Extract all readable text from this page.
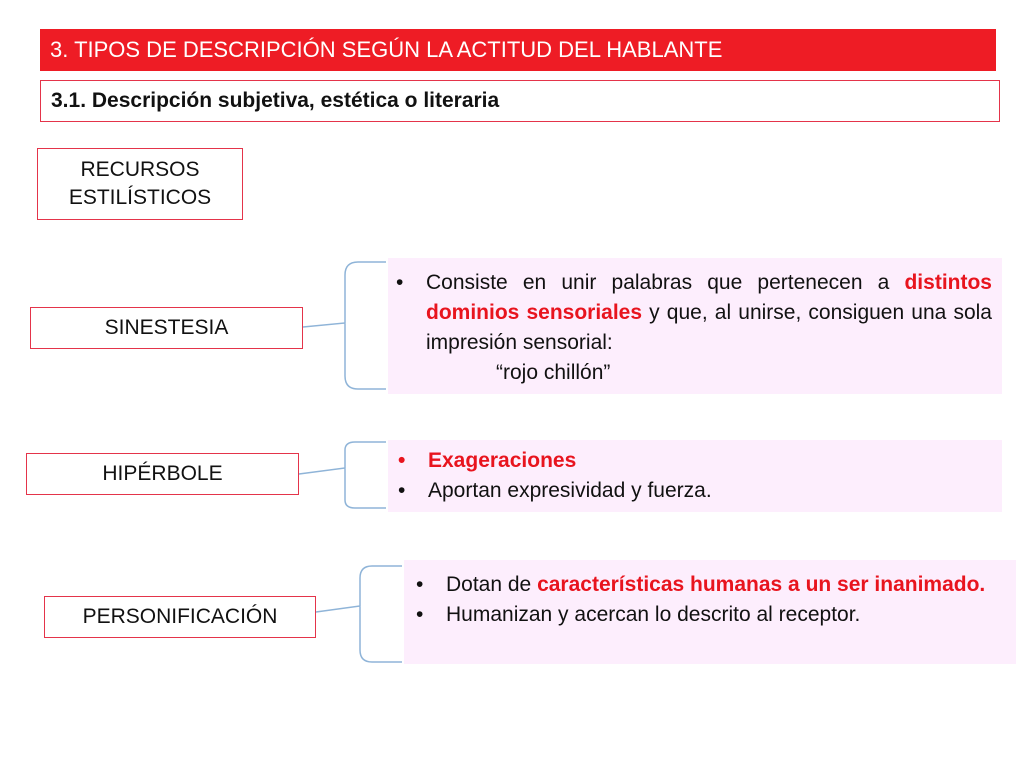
3. TIPOS DE DESCRIPCIÓN SEGÚN LA ACTITUD DEL HABLANTE
3.1. Descripción subjetiva, estética o literaria
RECURSOS
ESTILÍSTICOS
SINESTESIA
•	Consiste en unir palabras que pertenecen a distintos dominios sensoriales y que, al unirse, consiguen una sola impresión sensorial:
“rojo chillón”
HIPÉRBOLE
•	Exageraciones
•	Aportan expresividad y fuerza.
PERSONIFICACIÓN
•	Dotan de características humanas a un ser inanimado.
•	Humanizan y acercan lo descrito al receptor.
